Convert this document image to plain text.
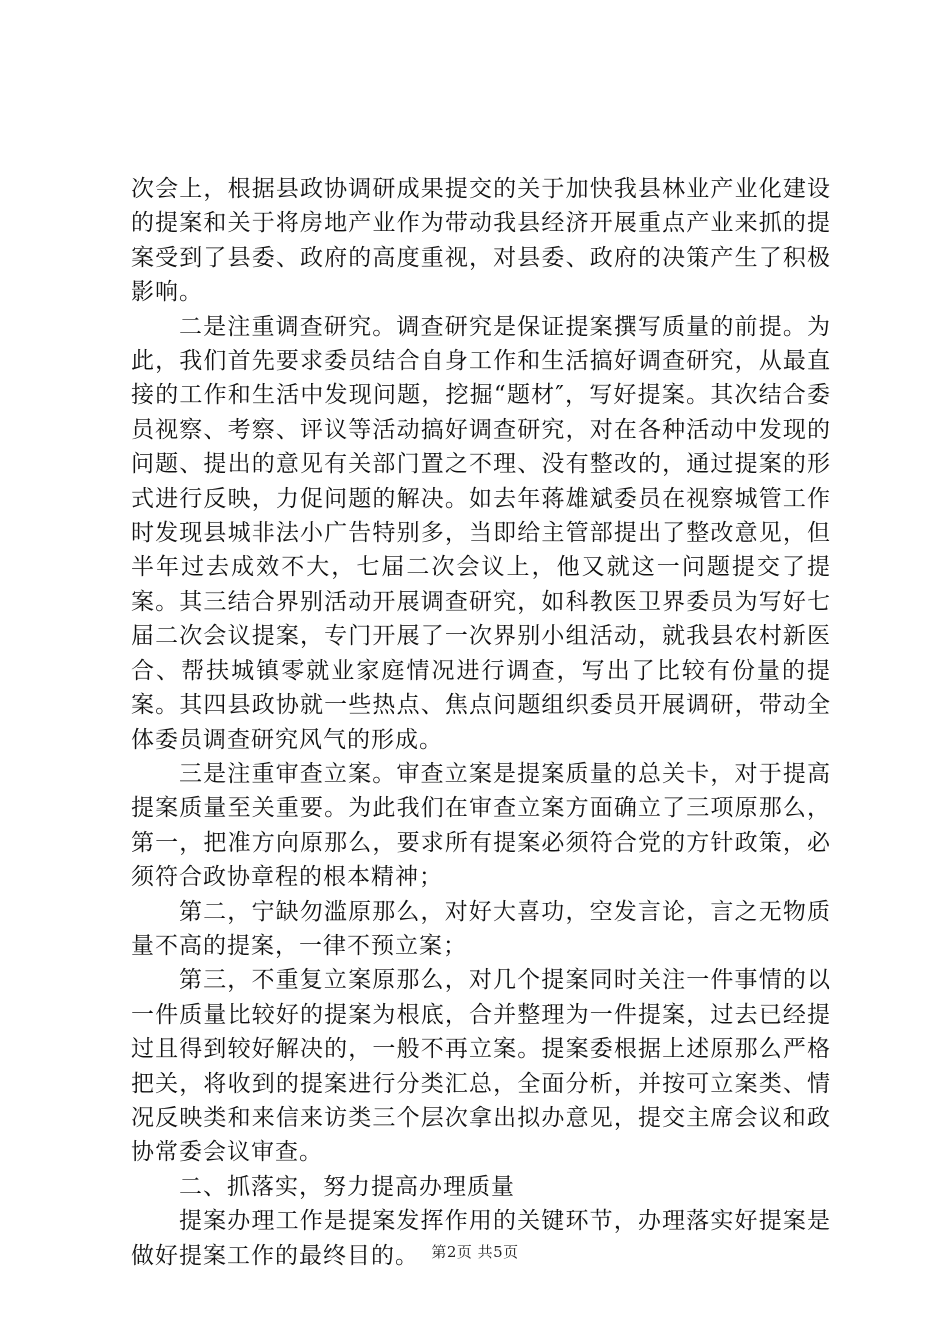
次会上，根据县政协调研成果提交的关于加快我县林业产业化建设的提案和关于将房地产业作为带动我县经济开展重点产业来抓的提案受到了县委、政府的高度重视，对县委、政府的决策产生了积极影响。

二是注重调查研究。调查研究是保证提案撰写质量的前提。为此，我们首先要求委员结合自身工作和生活搞好调查研究，从最直接的工作和生活中发现问题，挖掘“题材″，写好提案。其次结合委员视察、考察、评议等活动搞好调查研究，对在各种活动中发现的问题、提出的意见有关部门置之不理、没有整改的，通过提案的形式进行反映，力促问题的解决。如去年蒋雄斌委员在视察城管工作时发现县城非法小广告特别多，当即给主管部提出了整改意见，但半年过去成效不大，七届二次会议上，他又就这一问题提交了提案。其三结合界别活动开展调查研究，如科教医卫界委员为写好七届二次会议提案，专门开展了一次界别小组活动，就我县农村新医合、帮扶城镇零就业家庭情况进行调查，写出了比较有份量的提案。其四县政协就一些热点、焦点问题组织委员开展调研，带动全体委员调查研究风气的形成。

三是注重审查立案。审查立案是提案质量的总关卡，对于提高提案质量至关重要。为此我们在审查立案方面确立了三项原那么，第一，把准方向原那么，要求所有提案必须符合党的方针政策，必须符合政协章程的根本精神；

第二，宁缺勿滥原那么，对好大喜功，空发言论，言之无物质量不高的提案，一律不预立案；

第三，不重复立案原那么，对几个提案同时关注一件事情的以一件质量比较好的提案为根底，合并整理为一件提案，过去已经提过且得到较好解决的，一般不再立案。提案委根据上述原那么严格把关，将收到的提案进行分类汇总，全面分析，并按可立案类、情况反映类和来信来访类三个层次拿出拟办意见，提交主席会议和政协常委会议审查。

二、抓落实，努力提高办理质量

提案办理工作是提案发挥作用的关键环节，办理落实好提案是做好提案工作的最终目的。 第2页 共5页
